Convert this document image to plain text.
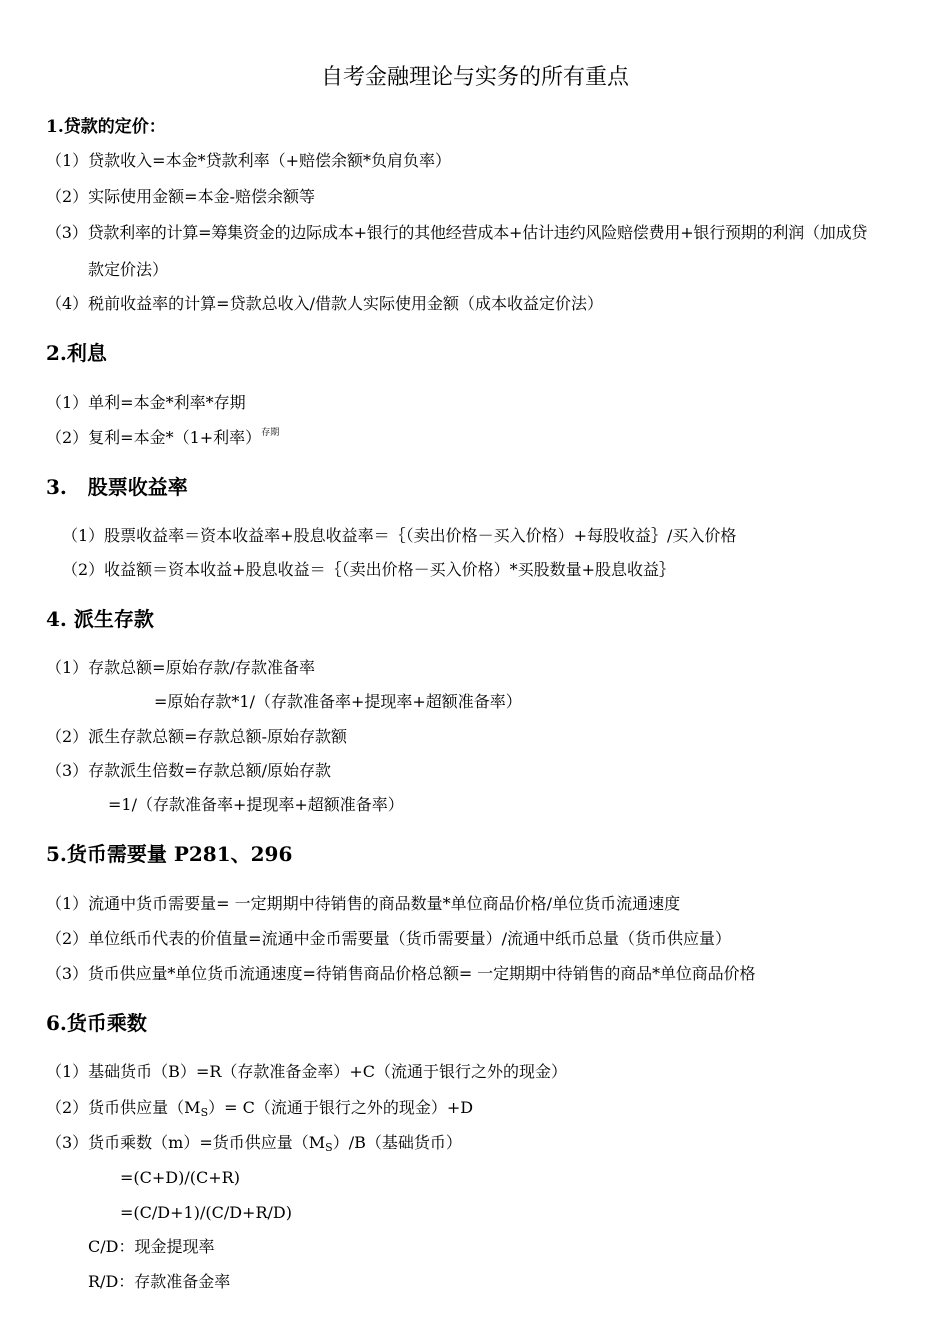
自考金融理论与实务的所有重点
1.贷款的定价：
（1）贷款收入=本金*贷款利率（+赔偿余额*负肩负率）
（2）实际使用金额=本金-赔偿余额等
（3）贷款利率的计算=筹集资金的边际成本+银行的其他经营成本+估计违约风险赔偿费用+银行预期的利润（加成贷
款定价法）
（4）税前收益率的计算=贷款总收入/借款人实际使用金额（成本收益定价法）
2.利息
（1）单利=本金*利率*存期
（2）复利=本金*（1+利率）$^{存期}$
3.   股票收益率
（1）股票收益率＝资本收益率+股息收益率＝｛（卖出价格－买入价格）+每股收益｝/买入价格
（2）收益额＝资本收益+股息收益＝｛（卖出价格－买入价格）*买股数量+股息收益｝
4. 派生存款
（1）存款总额=原始存款/存款准备率
=原始存款*1/（存款准备率+提现率+超额准备率）
（2）派生存款总额=存款总额-原始存款额
（3）存款派生倍数=存款总额/原始存款
=1/（存款准备率+提现率+超额准备率）
5.货币需要量 P281、296
（1）流通中货币需要量= 一定期期中待销售的商品数量*单位商品价格/单位货币流通速度
（2）单位纸币代表的价值量=流通中金币需要量（货币需要量）/流通中纸币总量（货币供应量）
（3）货币供应量*单位货币流通速度=待销售商品价格总额= 一定期期中待销售的商品*单位商品价格
6.货币乘数
（1）基础货币（B）=R（存款准备金率）+C（流通于银行之外的现金）
（2）货币供应量$(M_S)= C$（流通于银行之外的现金）+D
（3）货币乘数（m）=货币供应量$(M_S)/B$（基础货币）
=(C+D)/(C+R)
=(C/D+1)/(C/D+R/D)
C/D：现金提现率
R/D：存款准备金率
